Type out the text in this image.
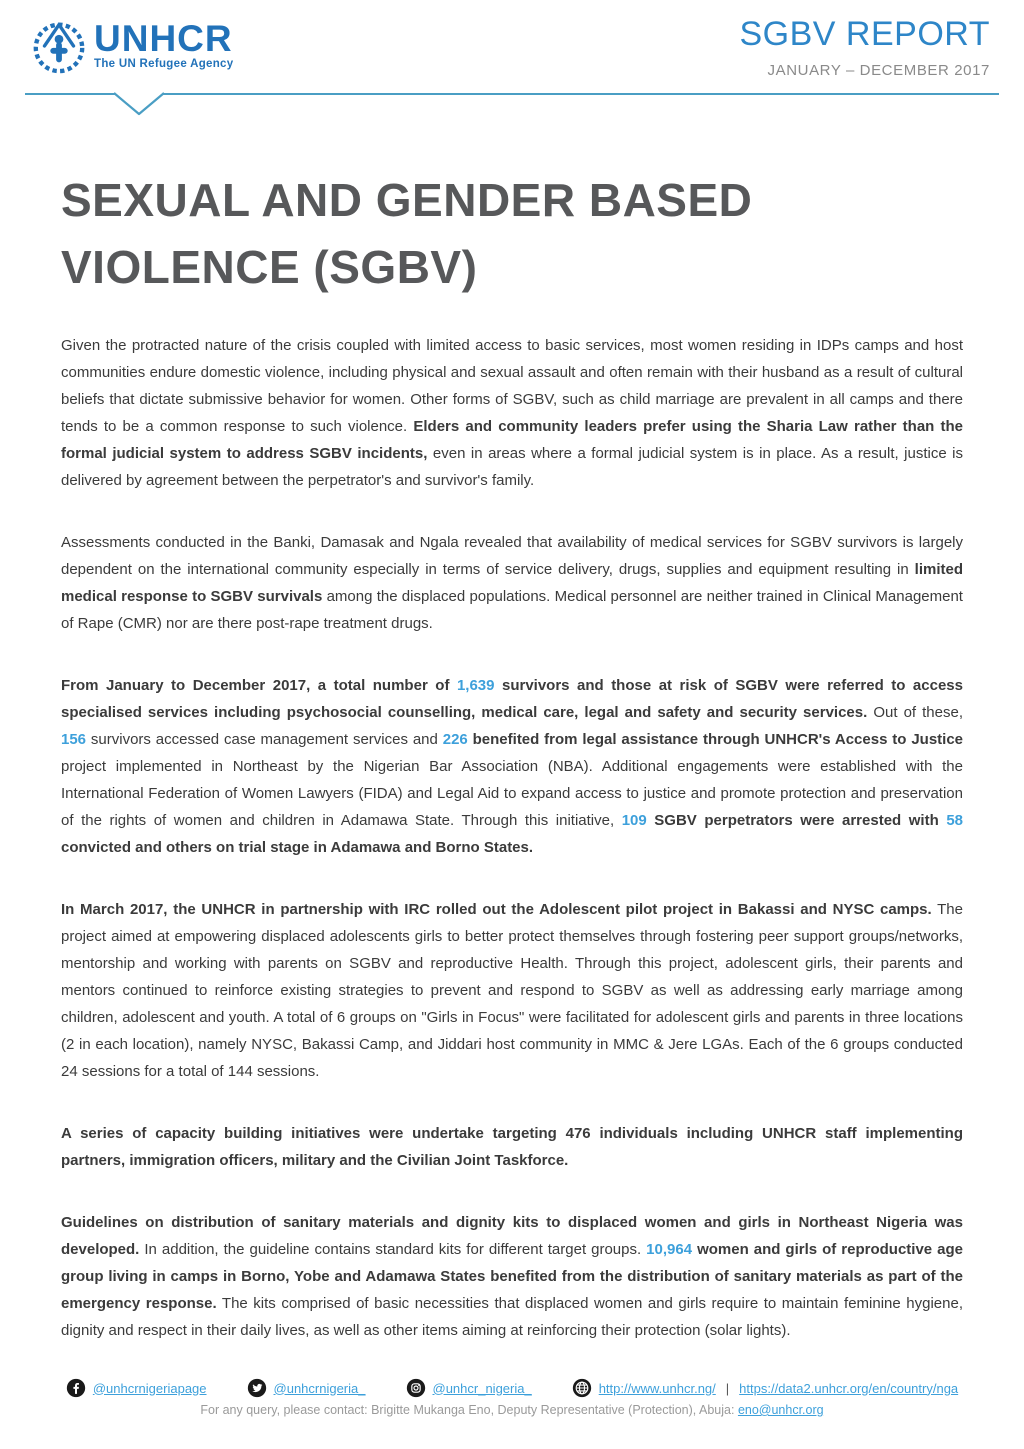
UNHCR
The UN Refugee Agency
SGBV REPORT
JANUARY – DECEMBER 2017
SEXUAL AND GENDER BASED VIOLENCE (SGBV)

Given the protracted nature of the crisis coupled with limited access to basic services, most women residing in IDPs camps and host communities endure domestic violence, including physical and sexual assault and often remain with their husband as a result of cultural beliefs that dictate submissive behavior for women. Other forms of SGBV, such as child marriage are prevalent in all camps and there tends to be a common response to such violence. Elders and community leaders prefer using the Sharia Law rather than the formal judicial system to address SGBV incidents, even in areas where a formal judicial system is in place. As a result, justice is delivered by agreement between the perpetrator's and survivor's family.

Assessments conducted in the Banki, Damasak and Ngala revealed that availability of medical services for SGBV survivors is largely dependent on the international community especially in terms of service delivery, drugs, supplies and equipment resulting in limited medical response to SGBV survivals among the displaced populations. Medical personnel are neither trained in Clinical Management of Rape (CMR) nor are there post-rape treatment drugs.

From January to December 2017, a total number of 1,639 survivors and those at risk of SGBV were referred to access specialised services including psychosocial counselling, medical care, legal and safety and security services. Out of these, 156 survivors accessed case management services and 226 benefited from legal assistance through UNHCR's Access to Justice project implemented in Northeast by the Nigerian Bar Association (NBA). Additional engagements were established with the International Federation of Women Lawyers (FIDA) and Legal Aid to expand access to justice and promote protection and preservation of the rights of women and children in Adamawa State. Through this initiative, 109 SGBV perpetrators were arrested with 58 convicted and others on trial stage in Adamawa and Borno States.

In March 2017, the UNHCR in partnership with IRC rolled out the Adolescent pilot project in Bakassi and NYSC camps. The project aimed at empowering displaced adolescents girls to better protect themselves through fostering peer support groups/networks, mentorship and working with parents on SGBV and reproductive Health. Through this project, adolescent girls, their parents and mentors continued to reinforce existing strategies to prevent and respond to SGBV as well as addressing early marriage among children, adolescent and youth. A total of 6 groups on "Girls in Focus" were facilitated for adolescent girls and parents in three locations (2 in each location), namely NYSC, Bakassi Camp, and Jiddari host community in MMC & Jere LGAs. Each of the 6 groups conducted 24 sessions for a total of 144 sessions.

A series of capacity building initiatives were undertake targeting 476 individuals including UNHCR staff implementing partners, immigration officers, military and the Civilian Joint Taskforce.

Guidelines on distribution of sanitary materials and dignity kits to displaced women and girls in Northeast Nigeria was developed. In addition, the guideline contains standard kits for different target groups. 10,964 women and girls of reproductive age group living in camps in Borno, Yobe and Adamawa States benefited from the distribution of sanitary materials as part of the emergency response. The kits comprised of basic necessities that displaced women and girls require to maintain feminine hygiene, dignity and respect in their daily lives, as well as other items aiming at reinforcing their protection (solar lights).

@unhcrnigeriapage	@unhcrnigeria_	@unhcr_nigeria_	http://www.unhcr.ng/ | https://data2.unhcr.org/en/country/nga
For any query, please contact: Brigitte Mukanga Eno, Deputy Representative (Protection), Abuja: eno@unhcr.org
